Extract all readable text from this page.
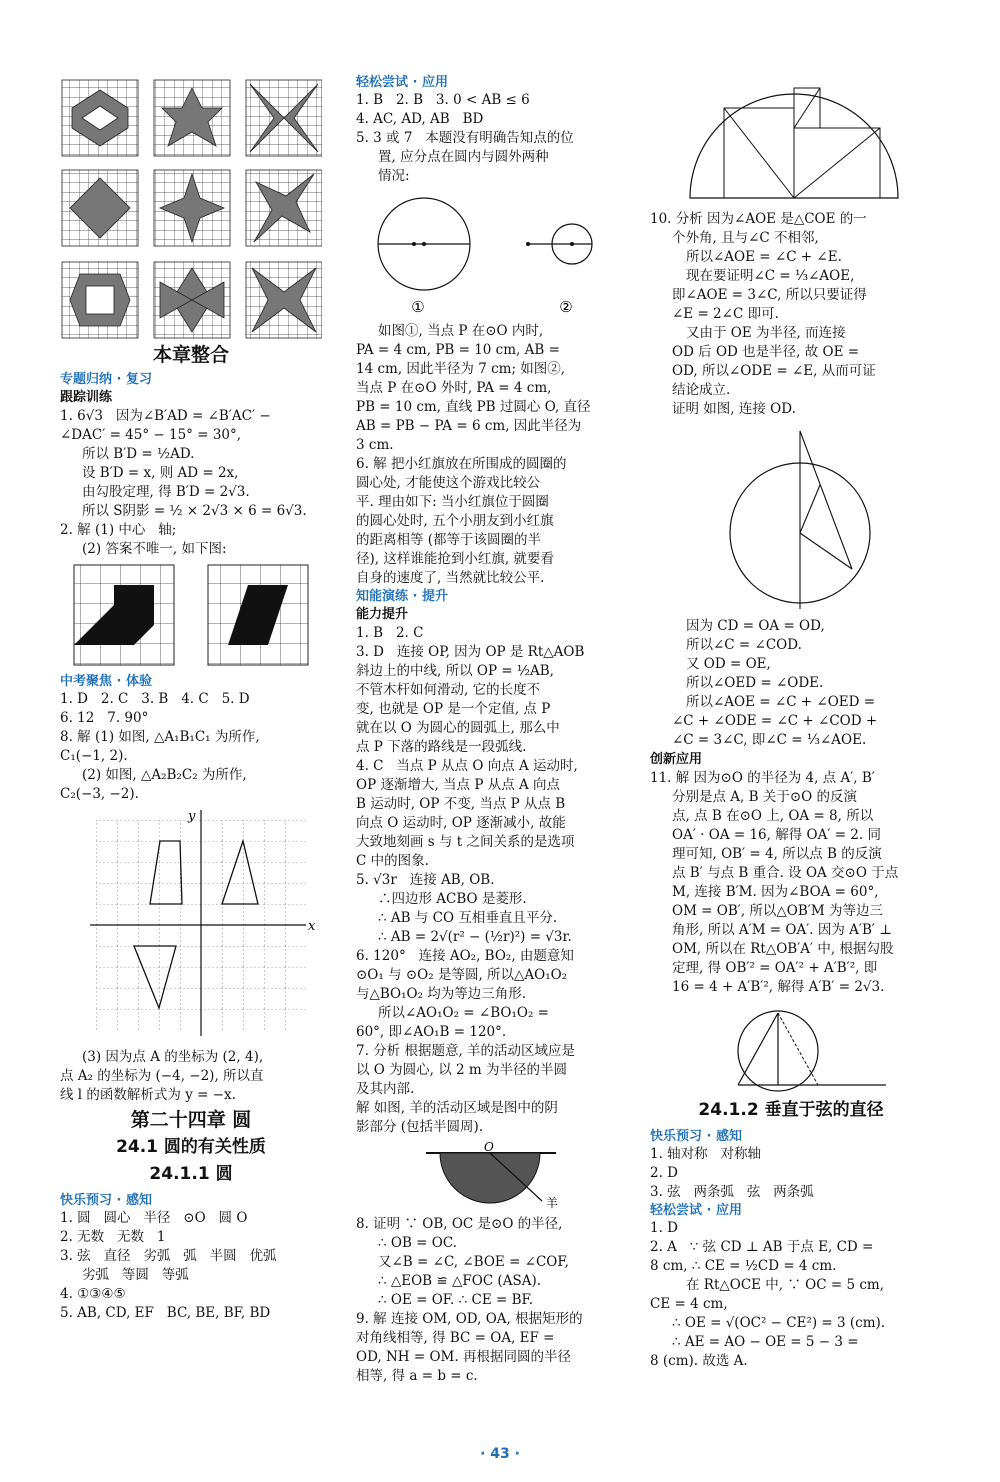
本章整合
专题归纳 · 复习
跟踪训练

1. 6√3   因为∠B′AD = ∠B′AC′ −

∠DAC′ = 45° − 15° = 30°,

所以 B′D = ½AD.

设 B′D = x, 则 AD = 2x,

由勾股定理, 得 B′D = 2√3.

所以 S阴影 = ½ × 2√3 × 6 = 6√3.

2. 解 (1) 中心   轴;

(2) 答案不唯一, 如下图:

中考聚焦 · 体验

1. D   2. C   3. B   4. C   5. D

6. 12   7. 90°

8. 解 (1) 如图, △A₁B₁C₁ 为所作,

C₁(−1, 2).

(2) 如图, △A₂B₂C₂ 为所作,

C₂(−3, −2).

x
y

(3) 因为点 A 的坐标为 (2, 4),

点 A₂ 的坐标为 (−4, −2), 所以直

线 l 的函数解析式为 y = −x.

第二十四章 圆
24.1 圆的有关性质
24.1.1 圆
快乐预习 · 感知

1. 圆   圆心   半径   ⊙O   圆 O

2. 无数   无数   1

3. 弦   直径   劣弧   弧   半圆   优弧

劣弧   等圆   等弧

4. ①③④⑤

5. AB, CD, EF   BC, BE, BF, BD

轻松尝试 · 应用

1. B   2. B   3. 0 < AB ≤ 6

4. AC, AD, AB   BD

5. 3 或 7   本题没有明确告知点的位

置, 应分点在圆内与圆外两种

情况:

①	②

如图①, 当点 P 在⊙O 内时,

PA = 4 cm, PB = 10 cm, AB =

14 cm, 因此半径为 7 cm; 如图②,

当点 P 在⊙O 外时, PA = 4 cm,

PB = 10 cm, 直线 PB 过圆心 O, 直径

AB = PB − PA = 6 cm, 因此半径为

3 cm.

6. 解 把小红旗放在所围成的圆圈的

圆心处, 才能使这个游戏比较公

平. 理由如下: 当小红旗位于圆圈

的圆心处时, 五个小朋友到小红旗

的距离相等 (都等于该圆圈的半

径), 这样谁能抢到小红旗, 就要看

自身的速度了, 当然就比较公平.

知能演练 · 提升
能力提升

1. B   2. C

3. D   连接 OP, 因为 OP 是 Rt△AOB

斜边上的中线, 所以 OP = ½AB,

不管木杆如何滑动, 它的长度不

变, 也就是 OP 是一个定值, 点 P

就在以 O 为圆心的圆弧上, 那么中

点 P 下落的路线是一段弧线.

4. C   当点 P 从点 O 向点 A 运动时,

OP 逐渐增大, 当点 P 从点 A 向点

B 运动时, OP 不变, 当点 P 从点 B

向点 O 运动时, OP 逐渐减小, 故能

大致地刻画 s 与 t 之间关系的是选项

C 中的图象.

5. √3r   连接 AB, OB.

∴四边形 ACBO 是菱形.

∴ AB 与 CO 互相垂直且平分.

∴ AB = 2√(r² − (½r)²) = √3r.

6. 120°   连接 AO₂, BO₂, 由题意知

⊙O₁ 与 ⊙O₂ 是等圆, 所以△AO₁O₂

与△BO₁O₂ 均为等边三角形.

所以∠AO₁O₂ = ∠BO₁O₂ =

60°, 即∠AO₁B = 120°.

7. 分析 根据题意, 羊的活动区域应是

以 O 为圆心, 以 2 m 为半径的半圆

及其内部.

解 如图, 羊的活动区域是图中的阴

影部分 (包括半圆周).

O
羊

8. 证明 ∵ OB, OC 是⊙O 的半径,

∴ OB = OC.

又∠B = ∠C, ∠BOE = ∠COF,

∴ △EOB ≌ △FOC (ASA).

∴ OE = OF. ∴ CE = BF.

9. 解 连接 OM, OD, OA, 根据矩形的

对角线相等, 得 BC = OA, EF =

OD, NH = OM. 再根据同圆的半径

相等, 得 a = b = c.

10. 分析 因为∠AOE 是△COE 的一

个外角, 且与∠C 不相邻,

所以∠AOE = ∠C + ∠E.

现在要证明∠C = ⅓∠AOE,

即∠AOE = 3∠C, 所以只要证得

∠E = 2∠C 即可.

又由于 OE 为半径, 而连接

OD 后 OD 也是半径, 故 OE =

OD, 所以∠ODE = ∠E, 从而可证

结论成立.

证明 如图, 连接 OD.

因为 CD = OA = OD,

所以∠C = ∠COD.

又 OD = OE,

所以∠OED = ∠ODE.

所以∠AOE = ∠C + ∠OED =

∠C + ∠ODE = ∠C + ∠COD +

∠C = 3∠C, 即∠C = ⅓∠AOE.

创新应用

11. 解 因为⊙O 的半径为 4, 点 A′, B′

分别是点 A, B 关于⊙O 的反演

点, 点 B 在⊙O 上, OA = 8, 所以

OA′ · OA = 16, 解得 OA′ = 2. 同

理可知, OB′ = 4, 所以点 B 的反演

点 B′ 与点 B 重合. 设 OA 交⊙O 于点

M, 连接 B′M. 因为∠BOA = 60°,

OM = OB′, 所以△OB′M 为等边三

角形, 所以 A′M = OA′. 因为 A′B′ ⊥

OM, 所以在 Rt△OB′A′ 中, 根据勾股

定理, 得 OB′² = OA′² + A′B′², 即

16 = 4 + A′B′², 解得 A′B′ = 2√3.

24.1.2 垂直于弦的直径
快乐预习 · 感知

1. 轴对称   对称轴

2. D

3. 弦   两条弧   弦   两条弧

轻松尝试 · 应用

1. D

2. A   ∵ 弦 CD ⊥ AB 于点 E, CD =

8 cm, ∴ CE = ½CD = 4 cm.

在 Rt△OCE 中, ∵ OC = 5 cm,

CE = 4 cm,

∴ OE = √(OC² − CE²) = 3 (cm).

∴ AE = AO − OE = 5 − 3 =

8 (cm). 故选 A.

· 43 ·
